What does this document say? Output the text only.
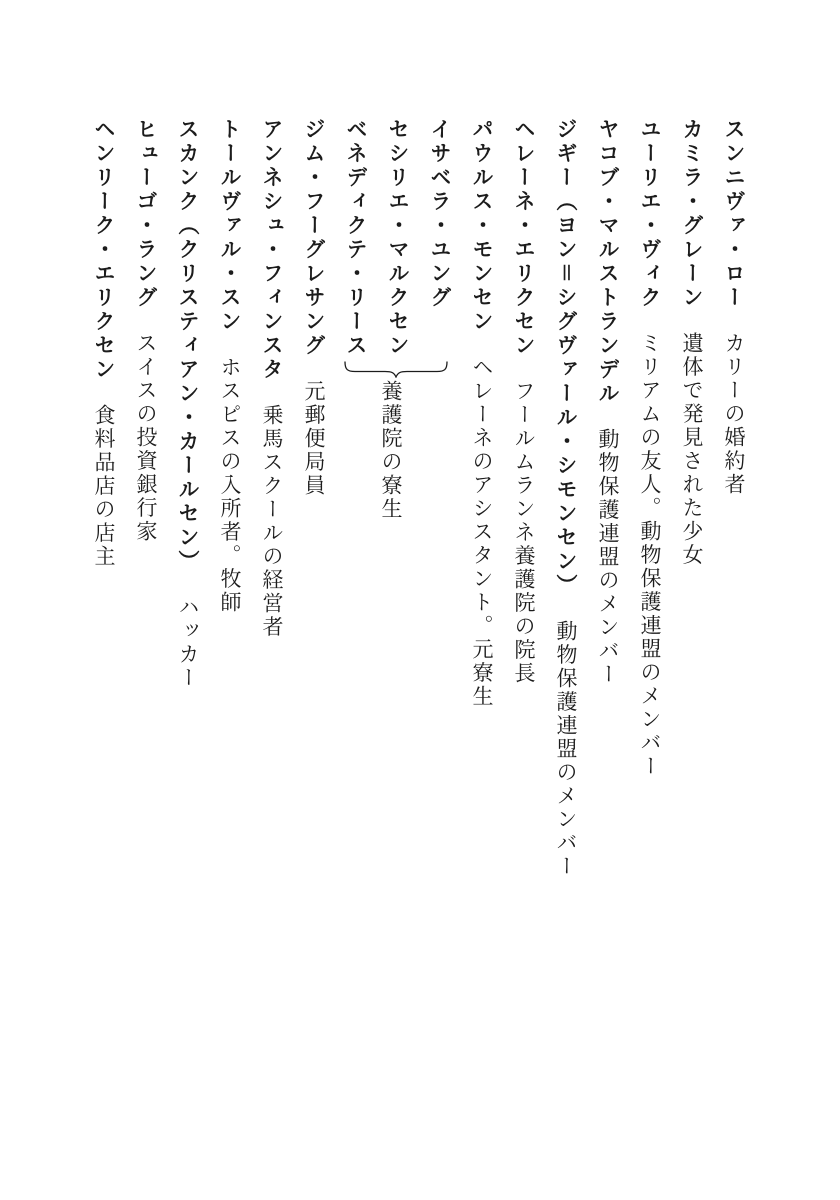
スンニヴァ・ローカリーの婚約者
カミラ・グレーン遺体で発見された少女
ユーリエ・ヴィクミリアムの友人。動物保護連盟のメンバー
ヤコブ・マルストランデル動物保護連盟のメンバー
ジギー（ヨン＝シグヴァール・シモンセン）動物保護連盟のメンバー
ヘレーネ・エリクセンフールムランネ養護院の院長
パウルス・モンセンヘレーネのアシスタント。元寮生
イサベラ・ユング
セシリエ・マルクセン
ベネディクテ・リース
ジム・フーグレサング元郵便局員
アンネシュ・フィンスタ乗馬スクールの経営者
トールヴァル・スンホスピスの入所者。牧師
スカンク（クリスティアン・カールセン）ハッカー
ヒューゴ・ラングスイスの投資銀行家
ヘンリーク・エリクセン食料品店の店主	養護院の寮生
